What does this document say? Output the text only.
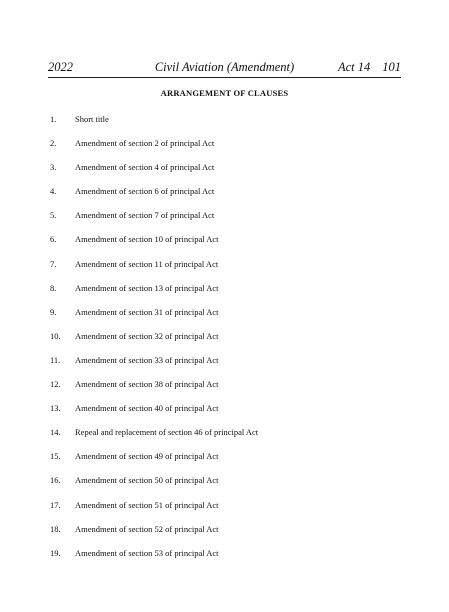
2022	Civil Aviation (Amendment)	Act 14 101
ARRANGEMENT OF CLAUSES
1. Short title
2. Amendment of section 2 of principal Act
3. Amendment of section 4 of principal Act
4. Amendment of section 6 of principal Act
5. Amendment of section 7 of principal Act
6. Amendment of section 10 of principal Act
7. Amendment of section 11 of principal Act
8. Amendment of section 13 of principal Act
9. Amendment of section 31 of principal Act
10. Amendment of section 32 of principal Act
11. Amendment of section 33 of principal Act
12. Amendment of section 38 of principal Act
13. Amendment of section 40 of principal Act
14. Repeal and replacement of section 46 of principal Act
15. Amendment of section 49 of principal Act
16. Amendment of section 50 of principal Act
17. Amendment of section 51 of principal Act
18. Amendment of section 52 of principal Act
19. Amendment of section 53 of principal Act
